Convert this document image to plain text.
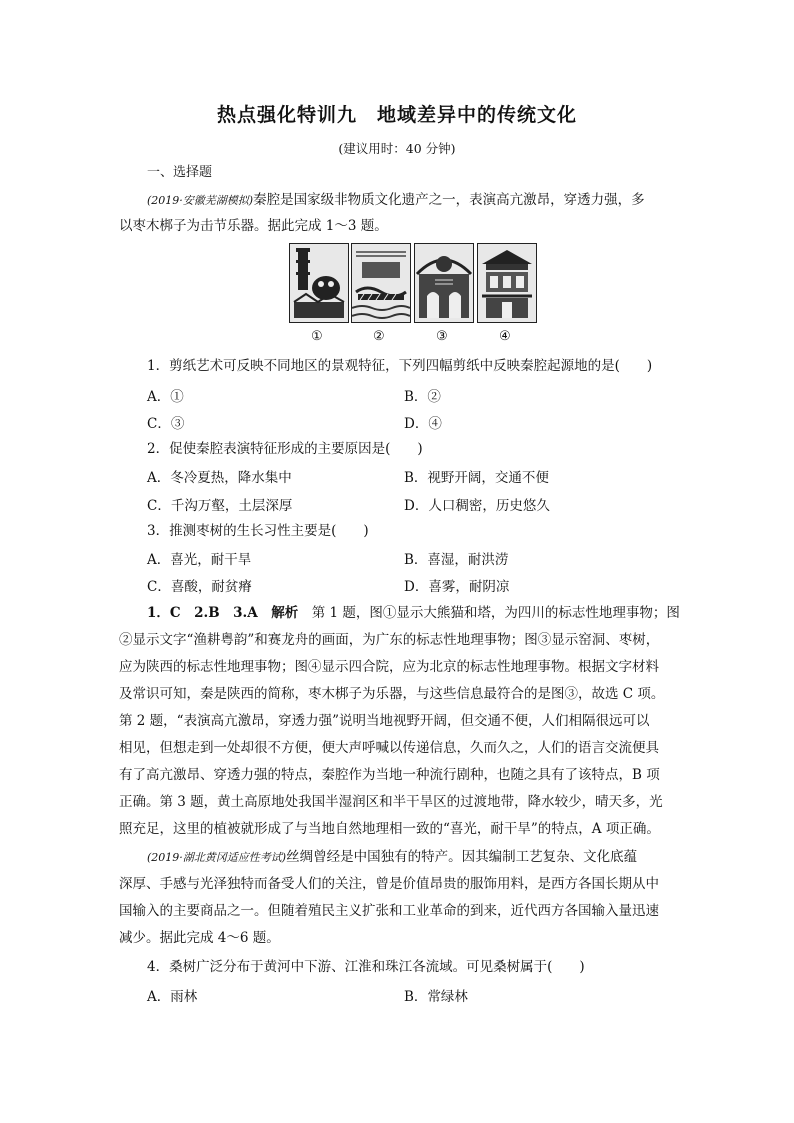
热点强化特训九　地域差异中的传统文化
(建议用时：40 分钟)
一、选择题
(2019·安徽芜湖模拟)秦腔是国家级非物质文化遗产之一，表演高亢激昂，穿透力强，多
以枣木梆子为击节乐器。据此完成 1～3 题。
①	②	③	④
1．剪纸艺术可反映不同地区的景观特征，下列四幅剪纸中反映秦腔起源地的是(　　)
A．①	B．②
C．③	D．④
2．促使秦腔表演特征形成的主要原因是(　　)
A．冬冷夏热，降水集中	B．视野开阔，交通不便
C．千沟万壑，土层深厚	D．人口稠密，历史悠久
3．推测枣树的生长习性主要是(　　)
A．喜光，耐干旱	B．喜湿，耐洪涝
C．喜酸，耐贫瘠	D．喜雾，耐阴凉
1．C　2.B　3.A　 解析　 第 1 题，图①显示大熊猫和塔，为四川的标志性地理事物；图
②显示文字“渔耕粤韵”和赛龙舟的画面，为广东的标志性地理事物；图③显示窑洞、枣树，
应为陕西的标志性地理事物；图④显示四合院，应为北京的标志性地理事物。根据文字材料
及常识可知，秦是陕西的简称，枣木梆子为乐器，与这些信息最符合的是图③，故选 C 项。
第 2 题，“表演高亢激昂，穿透力强”说明当地视野开阔，但交通不便，人们相隔很远可以
相见，但想走到一处却很不方便，便大声呼喊以传递信息，久而久之，人们的语言交流便具
有了高亢激昂、穿透力强的特点，秦腔作为当地一种流行剧种，也随之具有了该特点，B 项
正确。第 3 题，黄土高原地处我国半湿润区和半干旱区的过渡地带，降水较少，晴天多，光
照充足，这里的植被就形成了与当地自然地理相一致的“喜光，耐干旱”的特点，A 项正确。
(2019·湖北黄冈适应性考试)丝绸曾经是中国独有的特产。因其编制工艺复杂、文化底蕴
深厚、手感与光泽独特而备受人们的关注，曾是价值昂贵的服饰用料，是西方各国长期从中
国输入的主要商品之一。但随着殖民主义扩张和工业革命的到来，近代西方各国输入量迅速
减少。据此完成 4～6 题。
4．桑树广泛分布于黄河中下游、江淮和珠江各流域。可见桑树属于(　　)
A．雨林	B．常绿林
